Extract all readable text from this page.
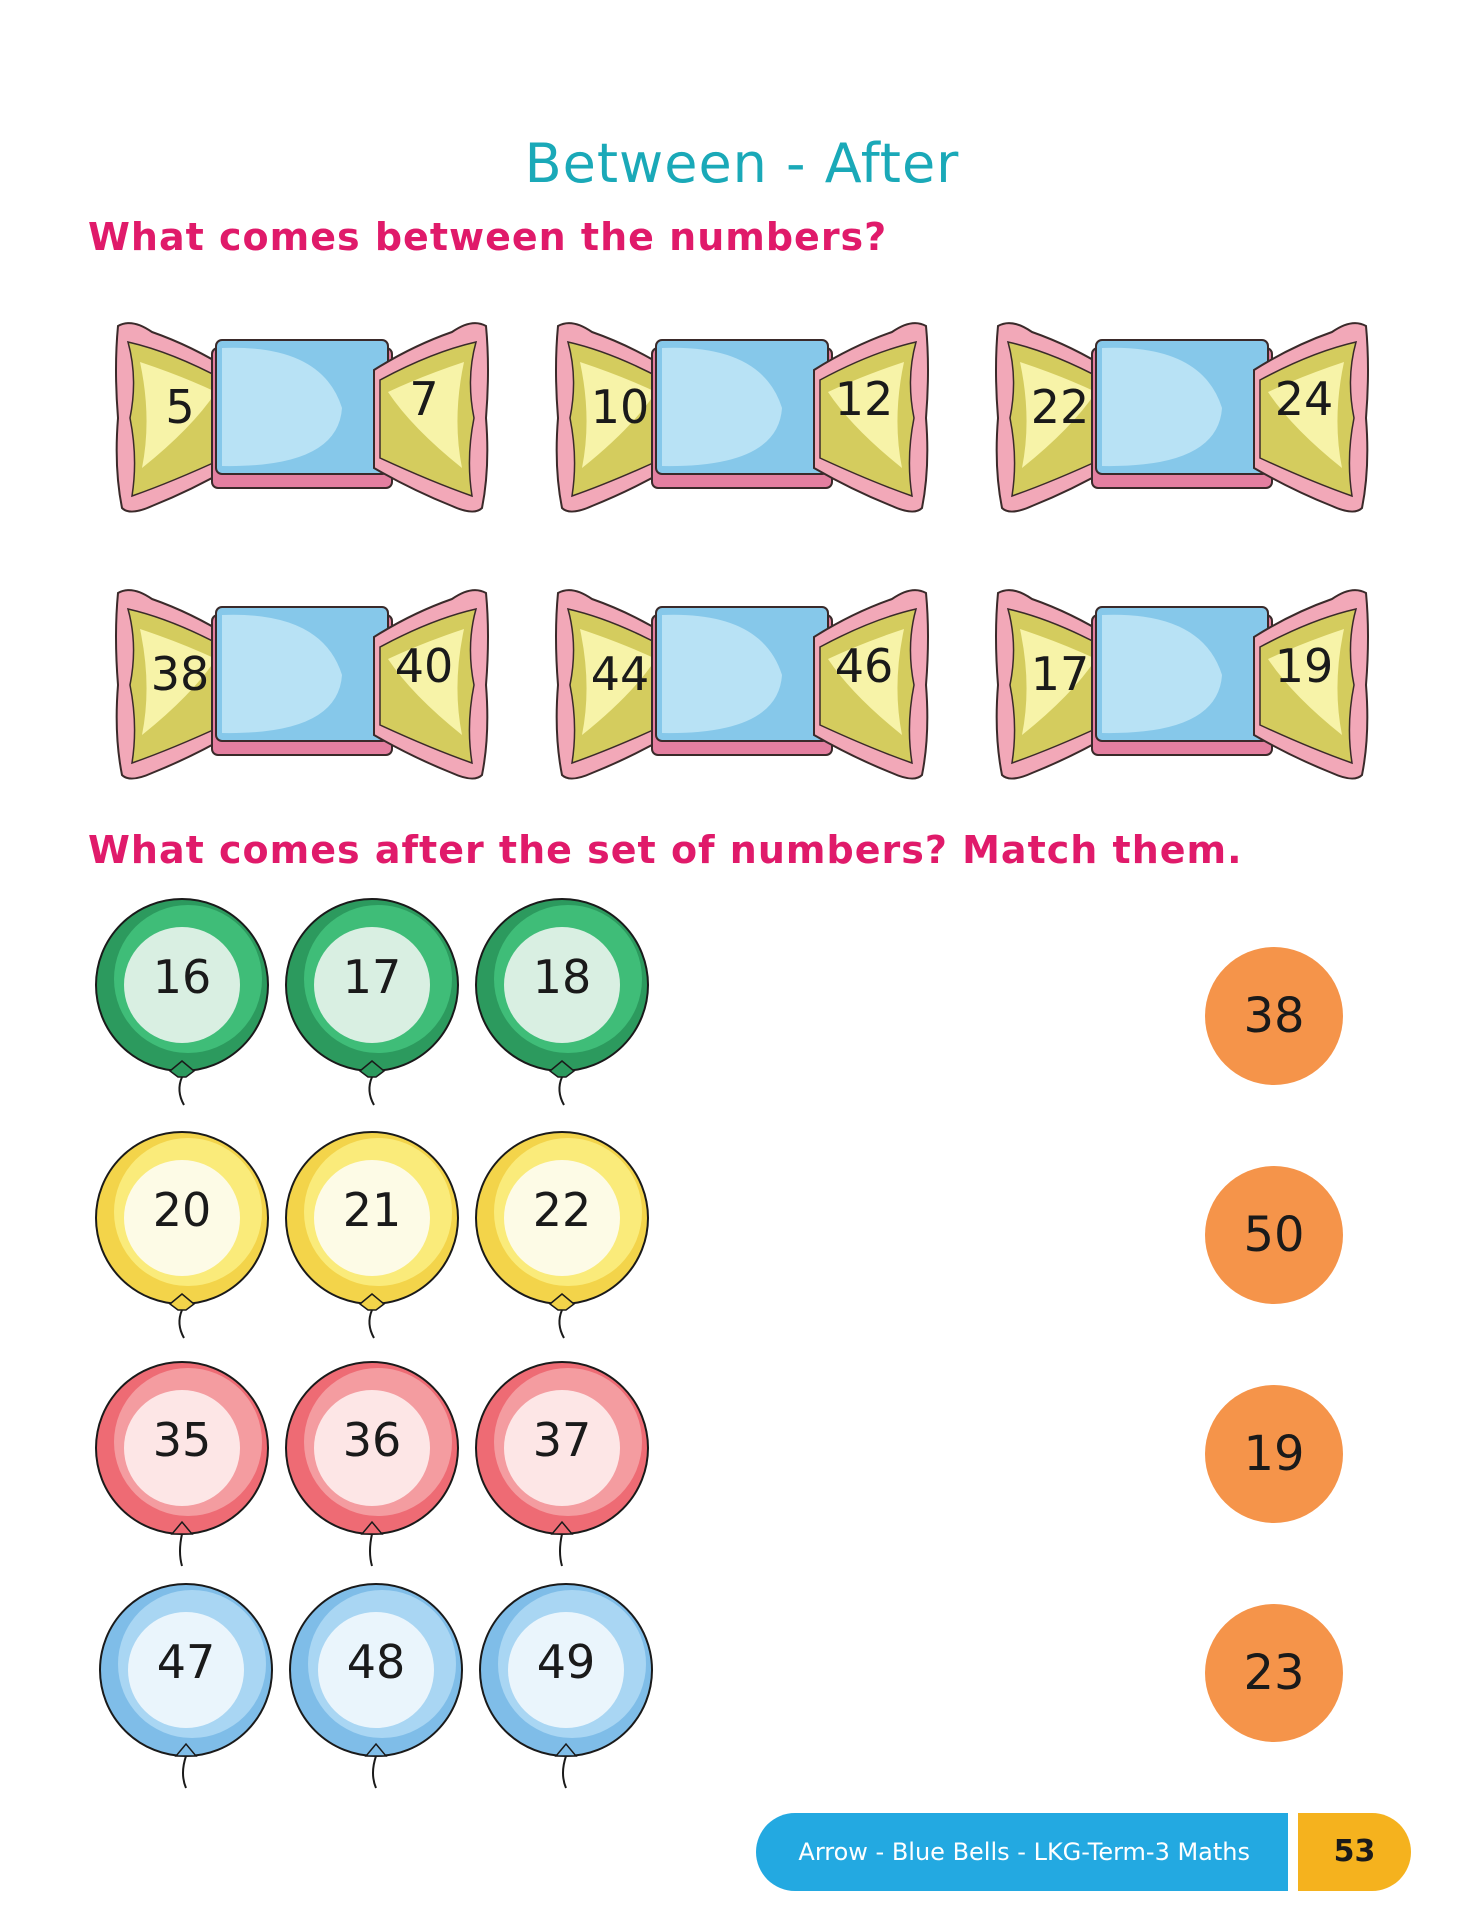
Between - After
What comes between the numbers?
5	7	10	12	22	24
38	40	44	46	17	19
What comes after the set of numbers? Match them.
16	17	18
20	21	22
35	36	37
47	48	49
38
50
19
23
Arrow - Blue Bells - LKG-Term-3 Maths	53
